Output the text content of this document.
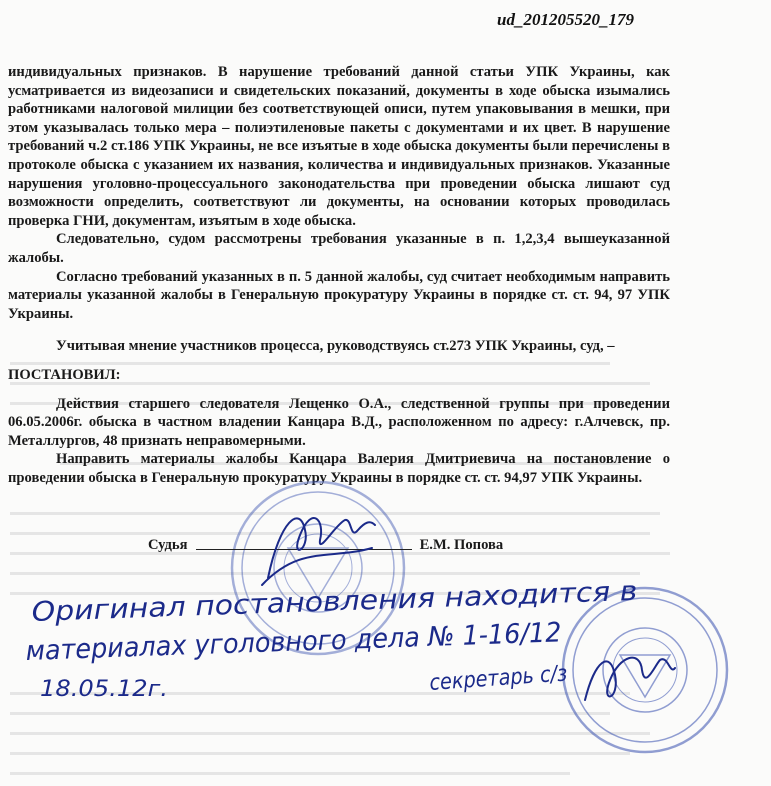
ud_201205520_179

индивидуальных признаков. В нарушение требований данной статьи УПК Украины, как усматривается из видеозаписи и свидетельских показаний, документы в ходе обыска изымались работниками налоговой милиции без соответствующей описи, путем упаковывания в мешки, при этом указывалась только мера – полиэтиленовые пакеты с документами и их цвет. В нарушение требований ч.2 ст.186 УПК Украины, не все изъятые в ходе обыска документы были перечислены в протоколе обыска с указанием их названия, количества и индивидуальных признаков. Указанные нарушения уголовно-процессуального законодательства при проведении обыска лишают суд возможности определить, соответствуют ли документы, на основании которых проводилась проверка ГНИ, документам, изъятым в ходе обыска.

Следовательно, судом рассмотрены требования указанные в п. 1,2,3,4 вышеуказанной жалобы.

Согласно требований указанных в п. 5 данной жалобы, суд считает необходимым направить материалы указанной жалобы в Генеральную прокуратуру Украины в порядке ст. ст. 94, 97 УПК Украины.

Учитывая мнение участников процесса, руководствуясь ст.273 УПК Украины, суд, –

ПОСТАНОВИЛ:

Действия старшего следователя Лещенко О.А., следственной группы при проведении 06.05.2006г. обыска в частном владении Канцара В.Д., расположенном по адресу: г.Алчевск, пр. Металлургов, 48 признать неправомерными.

Направить материалы жалобы Канцара Валерия Дмитриевича на постановление о проведении обыска в Генеральную прокуратуру Украины в порядке ст. ст. 94,97 УПК Украины.

Судья	Е.М. Попова
Оригинал постановления находится в
материалах уголовного дела № 1-16/12
18.05.12г.	секретарь с/з
